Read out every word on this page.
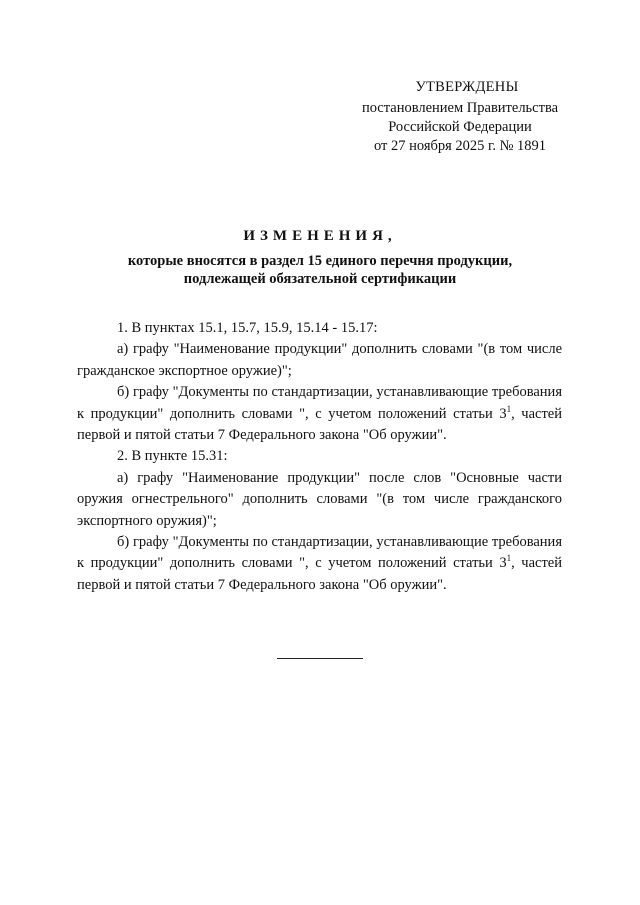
УТВЕРЖДЕНЫ
постановлением Правительства
Российской Федерации
от 27 ноября 2025 г. № 1891
ИЗМЕНЕНИЯ,
которые вносятся в раздел 15 единого перечня продукции,
подлежащей обязательной сертификации

1. В пунктах 15.1, 15.7, 15.9, 15.14 - 15.17:

а) графу "Наименование продукции" дополнить словами "(в том числе гражданское экспортное оружие)";

б) графу "Документы по стандартизации, устанавливающие требования к продукции" дополнить словами ", с учетом положений статьи $3^1$, частей первой и пятой статьи 7 Федерального закона "Об оружии".

2. В пункте 15.31:

а) графу "Наименование продукции" после слов "Основные части оружия огнестрельного" дополнить словами "(в том числе гражданского экспортного оружия)";

б) графу "Документы по стандартизации, устанавливающие требования к продукции" дополнить словами ", с учетом положений статьи $3^1$, частей первой и пятой статьи 7 Федерального закона "Об оружии".
